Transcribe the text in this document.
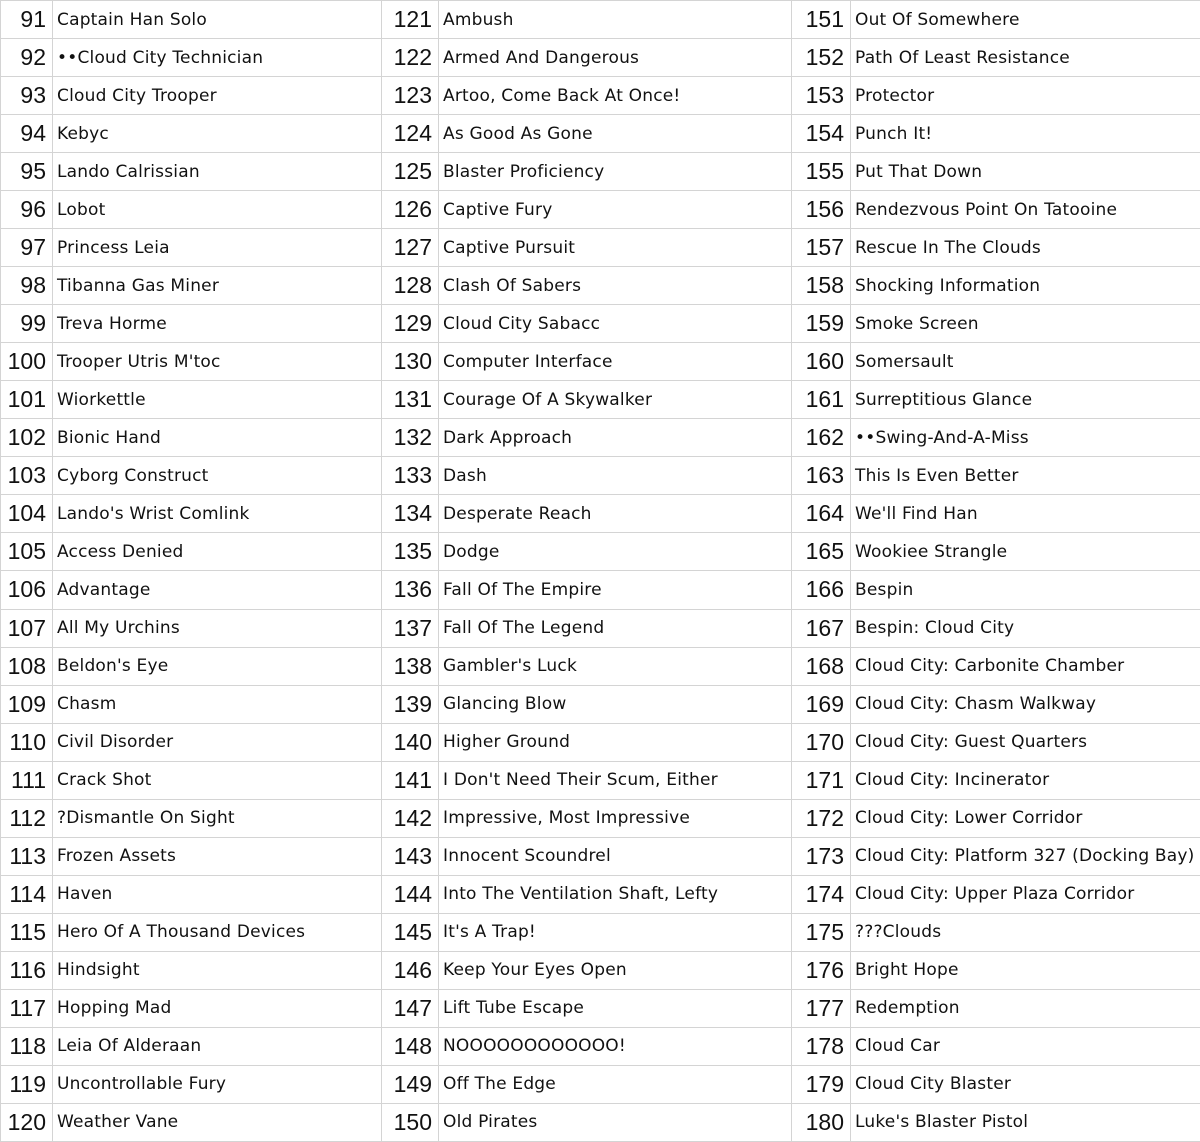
91	Captain Han Solo	121	Ambush	151	Out Of Somewhere
92	••Cloud City Technician	122	Armed And Dangerous	152	Path Of Least Resistance
93	Cloud City Trooper	123	Artoo, Come Back At Once!	153	Protector
94	Kebyc	124	As Good As Gone	154	Punch It!
95	Lando Calrissian	125	Blaster Proficiency	155	Put That Down
96	Lobot	126	Captive Fury	156	Rendezvous Point On Tatooine
97	Princess Leia	127	Captive Pursuit	157	Rescue In The Clouds
98	Tibanna Gas Miner	128	Clash Of Sabers	158	Shocking Information
99	Treva Horme	129	Cloud City Sabacc	159	Smoke Screen
100	Trooper Utris M'toc	130	Computer Interface	160	Somersault
101	Wiorkettle	131	Courage Of A Skywalker	161	Surreptitious Glance
102	Bionic Hand	132	Dark Approach	162	••Swing-And-A-Miss
103	Cyborg Construct	133	Dash	163	This Is Even Better
104	Lando's Wrist Comlink	134	Desperate Reach	164	We'll Find Han
105	Access Denied	135	Dodge	165	Wookiee Strangle
106	Advantage	136	Fall Of The Empire	166	Bespin
107	All My Urchins	137	Fall Of The Legend	167	Bespin: Cloud City
108	Beldon's Eye	138	Gambler's Luck	168	Cloud City: Carbonite Chamber
109	Chasm	139	Glancing Blow	169	Cloud City: Chasm Walkway
110	Civil Disorder	140	Higher Ground	170	Cloud City: Guest Quarters
111	Crack Shot	141	I Don't Need Their Scum, Either	171	Cloud City: Incinerator
112	?Dismantle On Sight	142	Impressive, Most Impressive	172	Cloud City: Lower Corridor
113	Frozen Assets	143	Innocent Scoundrel	173	Cloud City: Platform 327 (Docking Bay)
114	Haven	144	Into The Ventilation Shaft, Lefty	174	Cloud City: Upper Plaza Corridor
115	Hero Of A Thousand Devices	145	It's A Trap!	175	???Clouds
116	Hindsight	146	Keep Your Eyes Open	176	Bright Hope
117	Hopping Mad	147	Lift Tube Escape	177	Redemption
118	Leia Of Alderaan	148	NOOOOOOOOOOOO!	178	Cloud Car
119	Uncontrollable Fury	149	Off The Edge	179	Cloud City Blaster
120	Weather Vane	150	Old Pirates	180	Luke's Blaster Pistol
